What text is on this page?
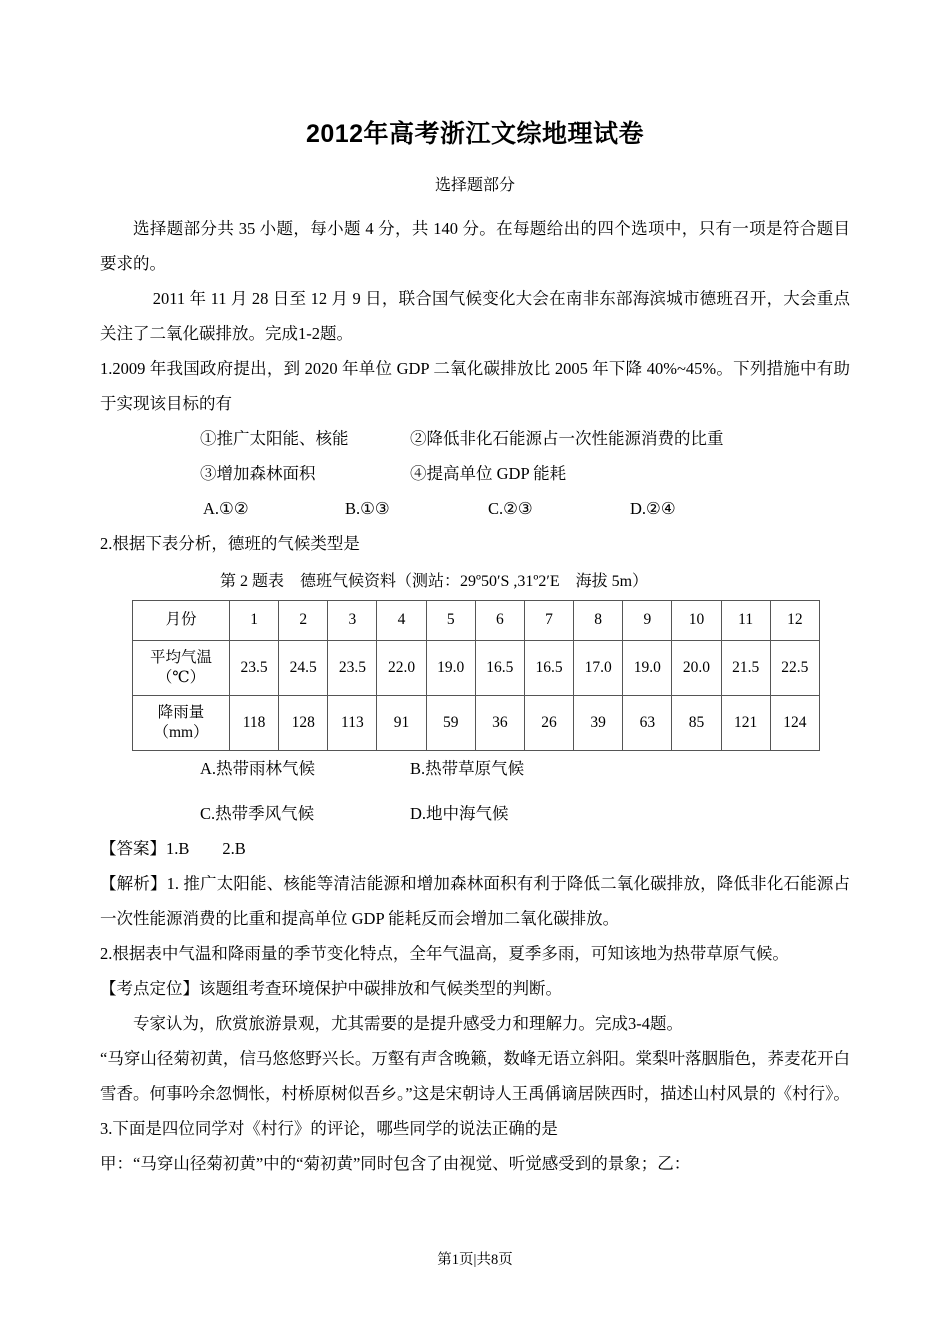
2012年高考浙江文综地理试卷
选择题部分

选择题部分共 35 小题，每小题 4 分，共 140 分。在每题给出的四个选项中，只有一项是符合题目要求的。

2011 年 11 月 28 日至 12 月 9 日，联合国气候变化大会在南非东部海滨城市德班召开，大会重点关注了二氧化碳排放。完成1-2题。

1.2009 年我国政府提出，到 2020 年单位 GDP 二氧化碳排放比 2005 年下降 40%~45%。下列措施中有助于实现该目标的有

①推广太阳能、核能	②降低非化石能源占一次性能源消费的比重
③增加森林面积	④提高单位 GDP 能耗
A.①②	B.①③	C.②③	D.②④

2.根据下表分析，德班的气候类型是

第 2 题表　德班气候资料（测站：29º50′S ,31º2′E　海拔 5m）
月份	1	2	3	4	5	6	7	8	9	10	11	12

平均气温
（℃）	23.5	24.5	23.5	22.0	19.0	16.5	16.5	17.0	19.0	20.0	21.5	22.5

降雨量
（mm）	118	128	113	91	59	36	26	39	63	85	121	124
A.热带雨林气候	B.热带草原气候
C.热带季风气候	D.地中海气候

【答案】1.B　　2.B

【解析】1. 推广太阳能、核能等清洁能源和增加森林面积有利于降低二氧化碳排放，降低非化石能源占一次性能源消费的比重和提高单位 GDP 能耗反而会增加二氧化碳排放。

2.根据表中气温和降雨量的季节变化特点，全年气温高，夏季多雨，可知该地为热带草原气候。

【考点定位】该题组考查环境保护中碳排放和气候类型的判断。

专家认为，欣赏旅游景观，尤其需要的是提升感受力和理解力。完成3-4题。

“马穿山径菊初黄，信马悠悠野兴长。万壑有声含晚籁，数峰无语立斜阳。棠梨叶落胭脂色，荞麦花开白雪香。何事吟余忽惆怅，村桥原树似吾乡。”这是宋朝诗人王禹偁谪居陕西时，描述山村风景的《村行》。

3.下面是四位同学对《村行》的评论，哪些同学的说法正确的是

甲：“马穿山径菊初黄”中的“菊初黄”同时包含了由视觉、听觉感受到的景象；乙：

第1页|共8页
